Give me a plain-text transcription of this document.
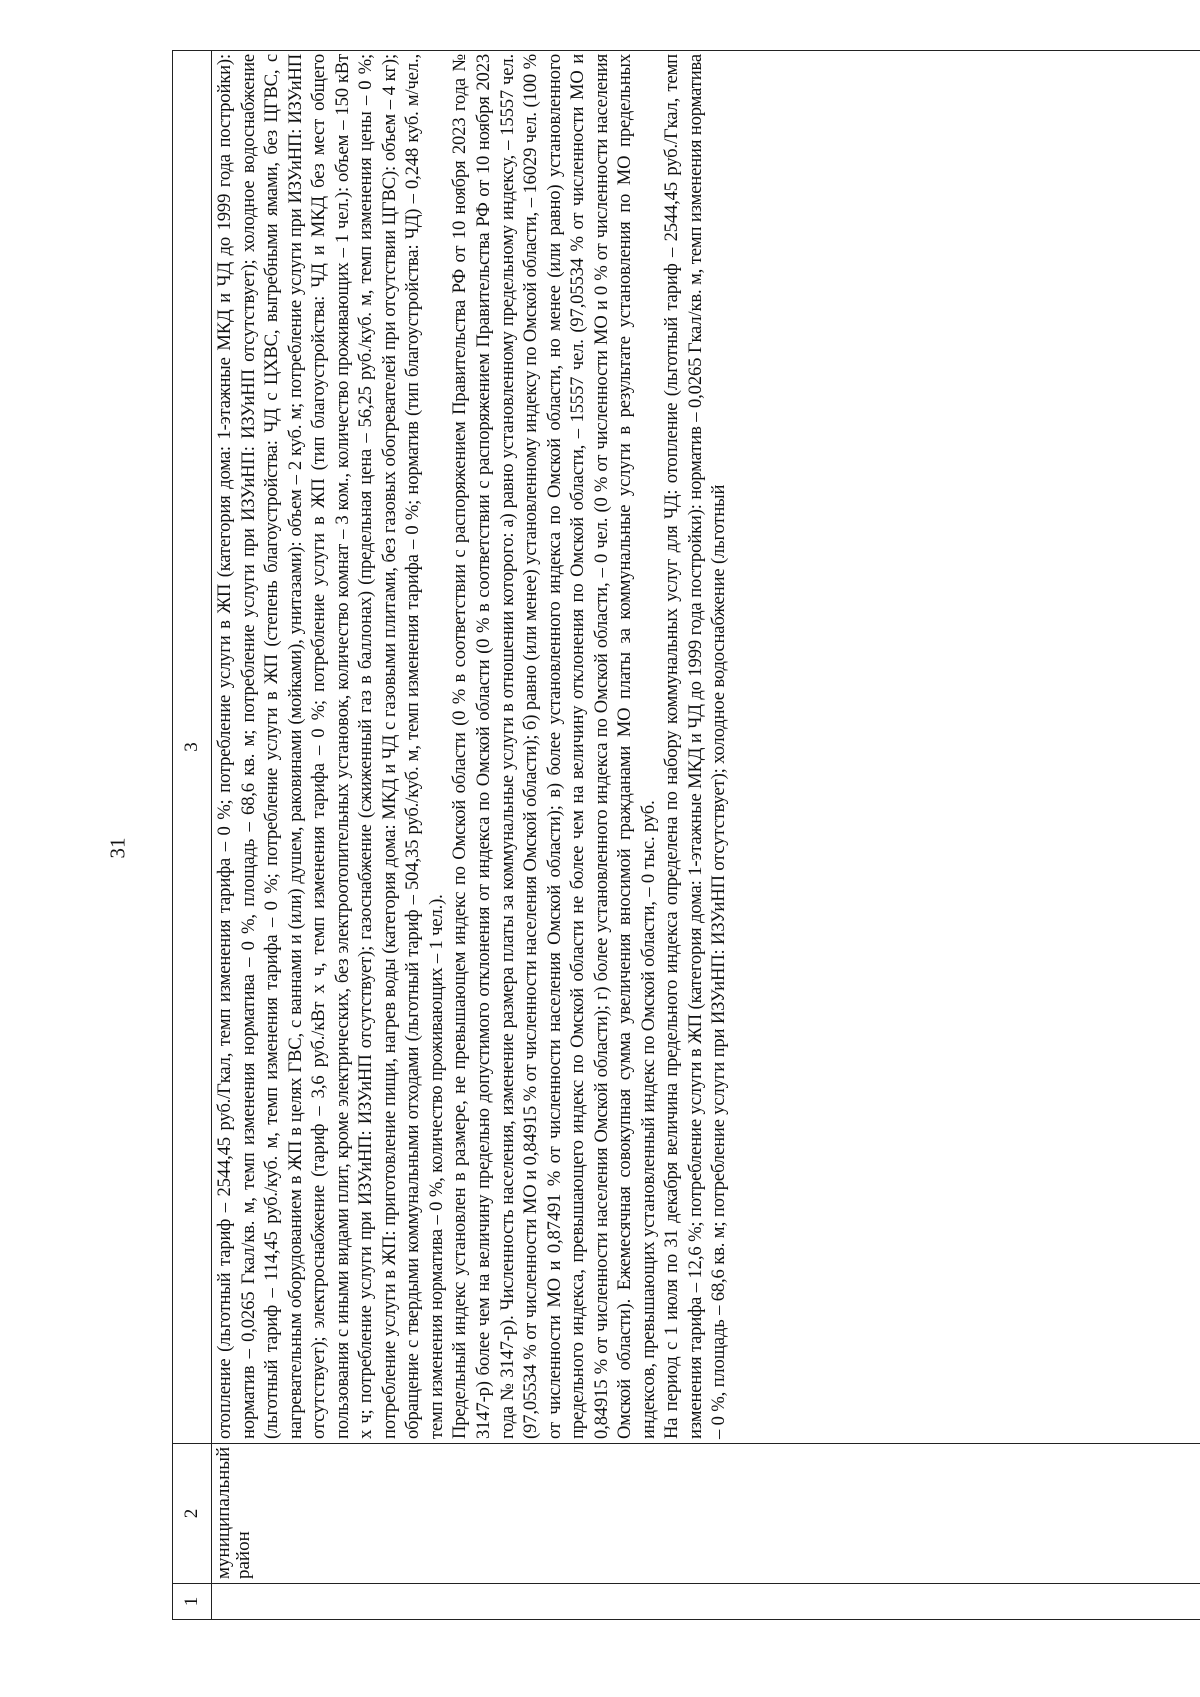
31
1	2	3
	муниципальный район	отопление (льготный тариф – 2544,45 руб./Гкал, темп изменения тарифа – 0 %; потребление услуги в ЖП (категория дома: 1-этажные МКД и ЧД до 1999 года постройки): норматив – 0,0265 Гкал/кв. м, темп изменения норматива – 0 %, площадь – 68,6 кв. м; потребление услуги при ИЗУиНП: ИЗУиНП отсутствует); холодное водоснабжение (льготный тариф – 114,45 руб./куб. м, темп изменения тарифа – 0 %; потребление услуги в ЖП (степень благоустройства: ЧД с ЦХВС, выгребными ямами, без ЦГВС, с нагревательным оборудованием в ЖП в целях ГВС, с ваннами и (или) душем, раковинами (мойками), унитазами): объем – 2 куб. м; потребление услуги при ИЗУиНП: ИЗУиНП отсутствует); электроснабжение (тариф – 3,6 руб./кВт х ч, темп изменения тарифа – 0 %; потребление услуги в ЖП (тип благоустройства: ЧД и МКД без мест общего пользования с иными видами плит, кроме электрических, без электроотопительных установок, количество комнат – 3 ком., количество проживающих – 1 чел.): объем – 150 кВт х ч; потребление услуги при ИЗУиНП: ИЗУиНП отсутствует); газоснабжение (сжиженный газ в баллонах) (предельная цена – 56,25 руб./куб. м, темп изменения цены – 0 %; потребление услуги в ЖП: приготовление пищи, нагрев воды (категория дома: МКД и ЧД с газовыми плитами, без газовых обогревателей при отсутствии ЦГВС): объем – 4 кг); обращение с твердыми коммунальными отходами (льготный тариф – 504,35 руб./куб. м, темп изменения тарифа – 0 %; норматив (тип благоустройства: ЧД) – 0,248 куб. м/чел., темп изменения норматива – 0 %, количество проживающих – 1 чел.). Предельный индекс установлен в размере, не превышающем индекс по Омской области (0 % в соответствии с распоряжением Правительства РФ от 10 ноября 2023 года № 3147-р) более чем на величину предельно допустимого отклонения от индекса по Омской области (0 % в соответствии с распоряжением Правительства РФ от 10 ноября 2023 года № 3147-р). Численность населения, изменение размера платы за коммунальные услуги в отношении которого: а) равно установленному предельному индексу, – 15557 чел. (97,05534 % от численности МО и 0,84915 % от численности населения Омской области); б) равно (или менее) установленному индексу по Омской области, – 16029 чел. (100 % от численности МО и 0,87491 % от численности населения Омской области); в) более установленного индекса по Омской области, но менее (или равно) установленного предельного индекса, превышающего индекс по Омской области не более чем на величину отклонения по Омской области, – 15557 чел. (97,05534 % от численности МО и 0,84915 % от численности населения Омской области); г) более установленного индекса по Омской области, – 0 чел. (0 % от численности МО и 0 % от численности населения Омской области). Ежемесячная совокупная сумма увеличения вносимой гражданами МО платы за коммунальные услуги в результате установления по МО предельных индексов, превышающих установленный индекс по Омской области, – 0 тыс. руб. На период с 1 июля по 31 декабря величина предельного индекса определена по набору коммунальных услуг для ЧД: отопление (льготный тариф – 2544,45 руб./Гкал, темп изменения тарифа – 12,6 %; потребление услуги в ЖП (категория дома: 1-этажные МКД и ЧД до 1999 года постройки): норматив – 0,0265 Гкал/кв. м, темп изменения норматива – 0 %, площадь – 68,6 кв. м; потребление услуги при ИЗУиНП: ИЗУиНП отсутствует); холодное водоснабжение (льготный
